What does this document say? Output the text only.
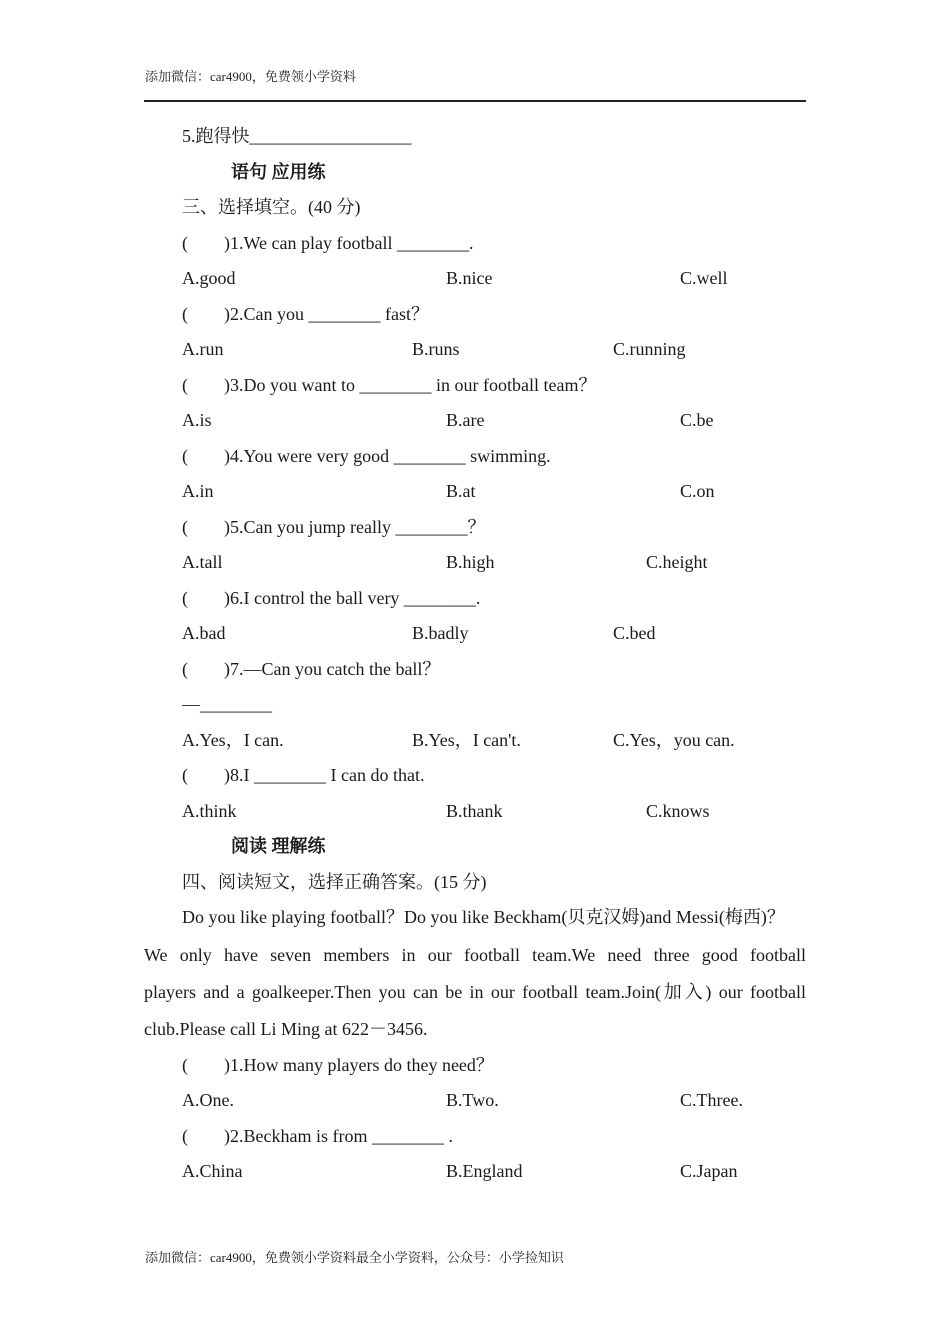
添加微信：car4900，免费领小学资料
5.跑得快__________________
语句 应用练
三、选择填空。(40 分)
(　　)1.We can play football ________.
A.good	B.nice	C.well
(　　)2.Can you ________ fast？
A.run	B.runs	C.running
(　　)3.Do you want to ________ in our football team？
A.is	B.are	C.be
(　　)4.You were very good ________ swimming.
A.in	B.at	C.on
(　　)5.Can you jump really ________？
A.tall	B.high	C.height
(　　)6.I control the ball very ________.
A.bad	B.badly	C.bed
(　　)7.—Can you catch the ball？
—________
A.Yes，I can.	B.Yes，I can't.	C.Yes，you can.
(　　)8.I ________ I can do that.
A.think	B.thank	C.knows
阅读 理解练
四、阅读短文，选择正确答案。(15 分)
Do you like playing football？Do you like Beckham(贝克汉姆)and Messi(梅西)？
We only have seven members in our football team.We need three good football
players and a goalkeeper.Then you can be in our football team.Join(加入) our football
club.Please call Li Ming at 622－3456.
(　　)1.How many players do they need？
A.One.	B.Two.	C.Three.
(　　)2.Beckham is from ________ .
A.China	B.England	C.Japan
添加微信：car4900，免费领小学资料最全小学资料，公众号：小学捡知识
